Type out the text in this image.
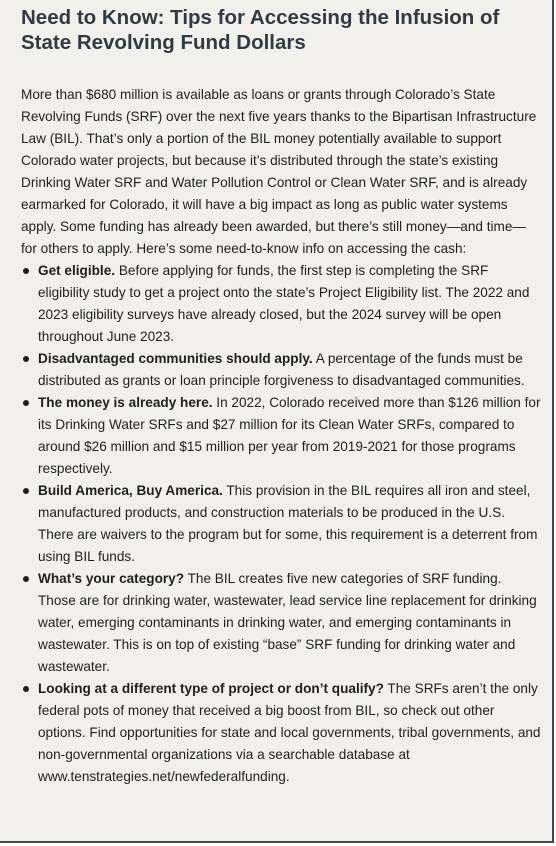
Need to Know: Tips for Accessing the Infusion of State Revolving Fund Dollars

More than $680 million is available as loans or grants through Colorado’s State Revolving Funds (SRF) over the next five years thanks to the Bipartisan Infrastructure Law (BIL). That’s only a portion of the BIL money potentially available to support Colorado water projects, but because it’s distributed through the state’s existing Drinking Water SRF and Water Pollution Control or Clean Water SRF, and is already earmarked for Colorado, it will have a big impact as long as public water systems apply. Some funding has already been awarded, but there’s still money—and time—for others to apply. Here’s some need-to-know info on accessing the cash:

Get eligible. Before applying for funds, the first step is completing the SRF eligibility study to get a project onto the state’s Project Eligibility list. The 2022 and 2023 eligibility surveys have already closed, but the 2024 survey will be open throughout June 2023.
Disadvantaged communities should apply. A percentage of the funds must be distributed as grants or loan principle forgiveness to disadvantaged communities.
The money is already here. In 2022, Colorado received more than $126 million for its Drinking Water SRFs and $27 million for its Clean Water SRFs, compared to around $26 million and $15 million per year from 2019-2021 for those programs respectively.
Build America, Buy America. This provision in the BIL requires all iron and steel, manufactured products, and construction materials to be produced in the U.S. There are waivers to the program but for some, this requirement is a deterrent from using BIL funds.
What’s your category? The BIL creates five new categories of SRF funding. Those are for drinking water, wastewater, lead service line replacement for drinking water, emerging contaminants in drinking water, and emerging contaminants in wastewater. This is on top of existing “base” SRF funding for drinking water and wastewater.
Looking at a different type of project or don’t qualify? The SRFs aren’t the only federal pots of money that received a big boost from BIL, so check out other options. Find opportunities for state and local governments, tribal governments, and non-governmental organizations via a searchable database at www.tenstrategies.net/newfederalfunding.
